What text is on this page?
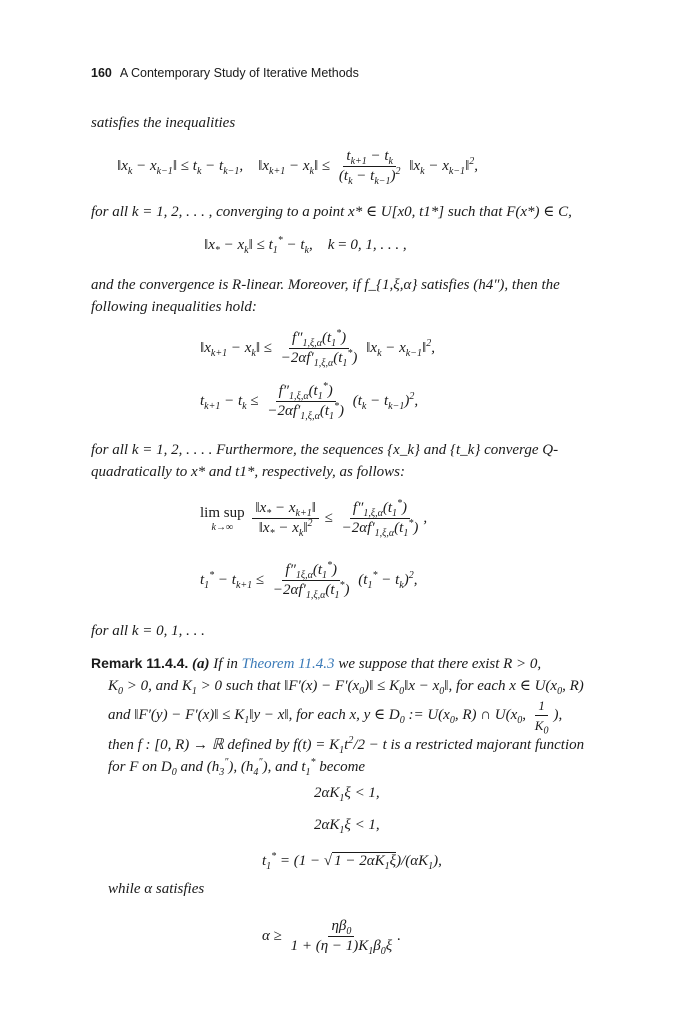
160 A Contemporary Study of Iterative Methods
satisfies the inequalities
$‖x_k$ − $x_{k-1}‖ \le t_k - t_{k-1}$,    $‖x_{k+1}$ − $x_k‖ \le \frac{t_{k+1} - t_k}{(t_k - t_{k-1})^2}$ $‖x_k$ − $x_{k-1}‖^2$,
for all k = 1, 2, . . . , converging to a point x* ∈ U[x0, t1*] such that F(x*) ∈ C,
$‖x_*$ − $x_k‖ \le t_1^* - t_k$,    k = 0, 1, . . . ,
and the convergence is R-linear. Moreover, if f_{1,ξ,α} satisfies (h4″), then the following inequalities hold:
$‖x_{k+1}$ − $x_k‖ \le \frac{f''_{1,\xi,\alpha}(t_1^*)}{-2\alpha f'_{1,\xi,\alpha}(t_1^*)}$ $‖x_k$ − $x_{k-1}‖^2$,
$t_{k+1} - t_k \le \frac{f''_{1,\xi,\alpha}(t_1^*)}{-2\alpha f'_{1,\xi,\alpha}(t_1^*)} (t_k - t_{k-1})^2$,
for all k = 1, 2, . . . . Furthermore, the sequences {x_k} and {t_k} converge Q-quadratically to x* and t1*, respectively, as follows:
lim sup
k→∞
$\frac{‖x_* - x_{k+1}‖}{‖x_* - x_k‖^2} \le \frac{f''_{1,\xi,\alpha}(t_1^*)}{-2\alpha f'_{1,\xi,\alpha}(t_1^*)}$ ,
$t_1^* - t_{k+1} \le \frac{f''_{1\xi,\alpha}(t_1^*)}{-2\alpha f'_{1,\xi,\alpha}(t_1^*)} (t_1^* - t_k)^2$,
for all k = 0, 1, . . .
Remark 11.4.4. (a) If in Theorem 11.4.3 we suppose that there exist R > 0,
$K_0 > 0$, and $K_1 > 0$ such that ‖F′(x) − $F'(x_0)‖$ ≤ $K_0‖x$ − $x_0‖$, for each x ∈ $U(x_0$, R) and ‖F′(y) − F′(x)‖ ≤ $K_1‖y$ − x‖, for each x, y ∈ $D_0$ := $U(x_0$, R) ∩ $U(x_0$, $\frac{1}{K_0}$ ), then f : [0, R) → ℝ defined by $f(t) = K_1t^2/2 - t$ is a restricted majorant function for F on $D_0$ and $(h_3'')$, $(h_4'')$, and $t_1^*$ become
$2\alpha K_1\xi < 1$,
$2\alpha K_1\xi < 1$,
$t_1^* = (1$ − √ $1 - 2\alpha K_1\xi)/(\alpha K_1)$,
while α satisfies
$\alpha \ge \frac{\eta\beta_0}{1 + (\eta - 1)K_1\beta_0\xi}$ .
